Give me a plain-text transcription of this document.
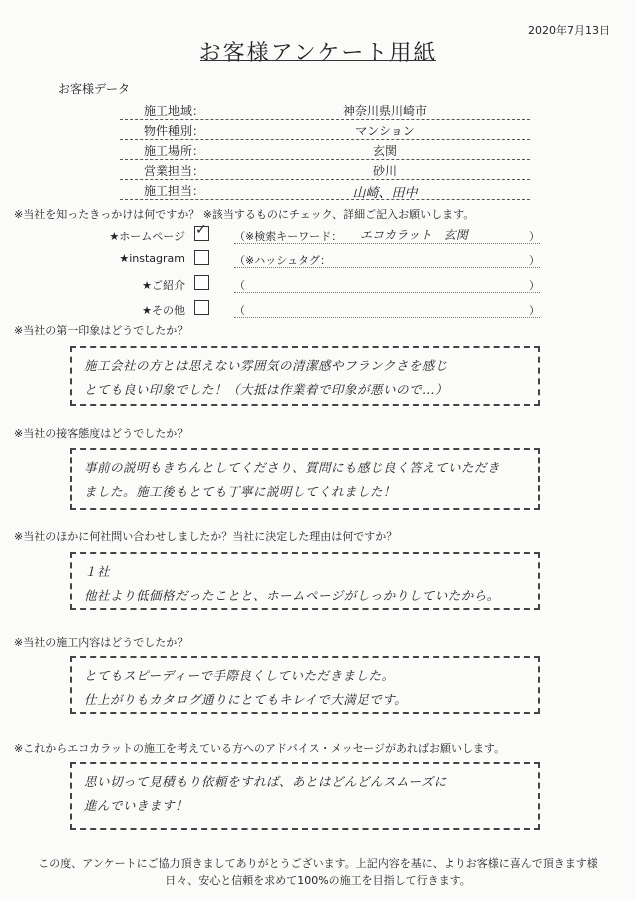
2020年7月13日
お客様アンケート用紙
お客様データ
施工地域：	神奈川県川崎市
物件種別：	マンション
施工場所：	玄関
営業担当：	砂川
施工担当：	山崎、田中
※当社を知ったきっかけは何ですか？ ※該当するものにチェック、詳細ご記入お願いします。
★ホームページ ✓ （※検索キーワード： エコカラット　玄関	）
★instagram	（※ハッシュタグ：	）
★ご紹介	（	）
★その他	（	）
※当社の第一印象はどうでしたか？
施工会社の方とは思えない雰囲気の清潔感やフランクさを感じ
とても良い印象でした！（大抵は作業着で印象が悪いので…）
※当社の接客態度はどうでしたか？
事前の説明もきちんとしてくださり、質問にも感じ良く答えていただき
ました。施工後もとても丁寧に説明してくれました！
※当社のほかに何社問い合わせしましたか？当社に決定した理由は何ですか？
１社
他社より低価格だったことと、ホームページがしっかりしていたから。
※当社の施工内容はどうでしたか？
とてもスピーディーで手際良くしていただきました。
仕上がりもカタログ通りにとてもキレイで大満足です。
※これからエコカラットの施工を考えている方へのアドバイス・メッセージがあればお願いします。
思い切って見積もり依頼をすれば、あとはどんどんスムーズに
進んでいきます！
この度、アンケートにご協力頂きましてありがとうございます。上記内容を基に、よりお客様に喜んで頂きます様
日々、安心と信頼を求めて100%の施工を目指して行きます。
